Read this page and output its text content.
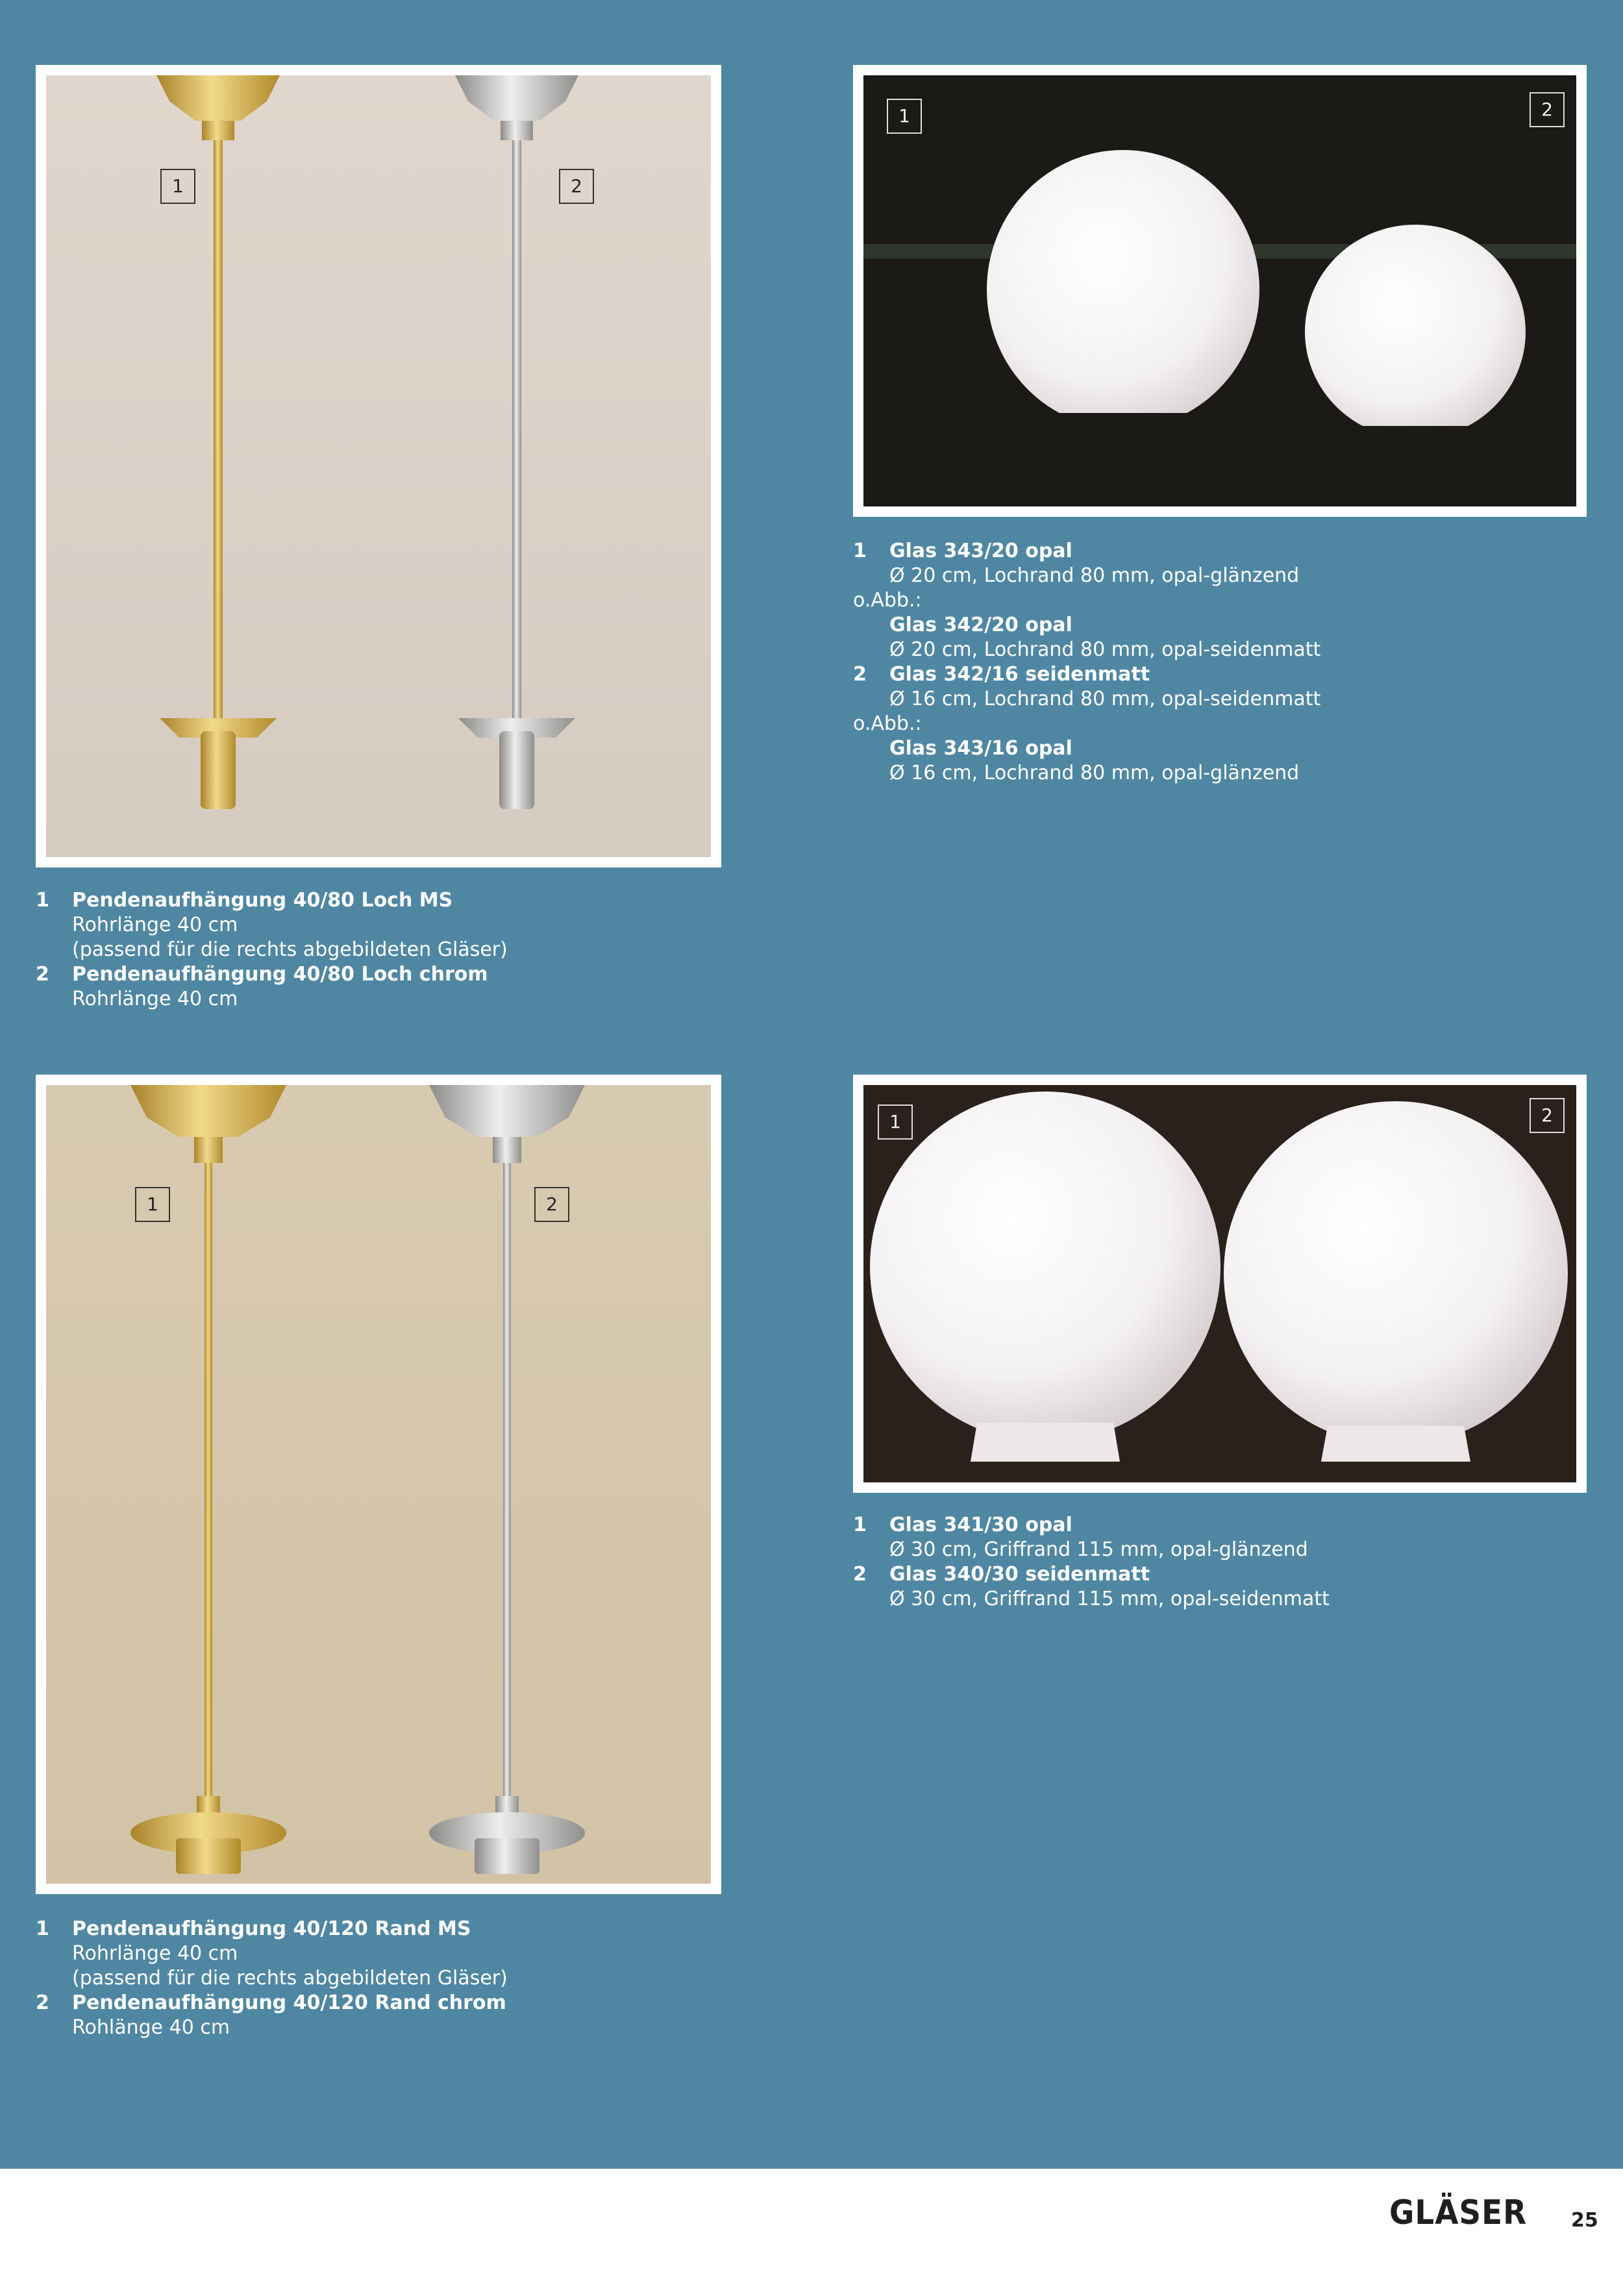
1	2
1	2
1	Glas 343/20 opal
Ø 20 cm, Lochrand 80 mm, opal-glänzend
o.Abb.:
Glas 342/20 opal
Ø 20 cm, Lochrand 80 mm, opal-seidenmatt
2	Glas 342/16 seidenmatt
Ø 16 cm, Lochrand 80 mm, opal-seidenmatt
o.Abb.:
Glas 343/16 opal
Ø 16 cm, Lochrand 80 mm, opal-glänzend
1	Pendenaufhängung 40/80 Loch MS
Rohrlänge 40 cm
(passend für die rechts abgebildeten Gläser)
2	Pendenaufhängung 40/80 Loch chrom
Rohrlänge 40 cm
1	2
1	2
1	Glas 341/30 opal
Ø 30 cm, Griffrand 115 mm, opal-glänzend
2	Glas 340/30 seidenmatt
Ø 30 cm, Griffrand 115 mm, opal-seidenmatt
1	Pendenaufhängung 40/120 Rand MS
Rohrlänge 40 cm
(passend für die rechts abgebildeten Gläser)
2	Pendenaufhängung 40/120 Rand chrom
Rohlänge 40 cm
GLÄSER 25
